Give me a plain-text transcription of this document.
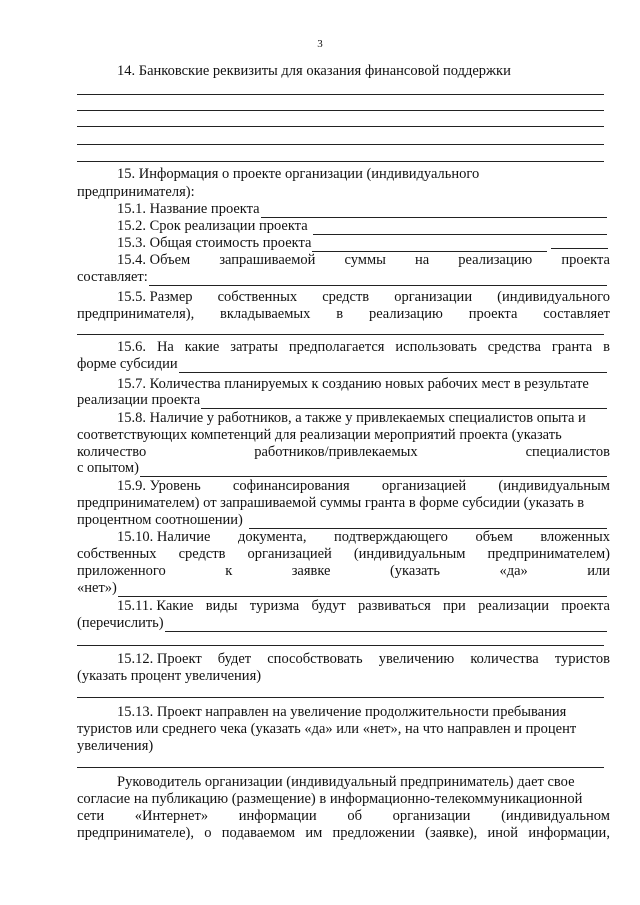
3
14. Банковские реквизиты для оказания финансовой поддержки
15. Информация о проекте организации (индивидуального
предпринимателя):
15.1. Название проекта
15.2. Срок реализации проекта
15.3. Общая стоимость проекта
15.4. Объем запрашиваемой суммы на реализацию проекта
составляет:
15.5. Размер собственных средств организации (индивидуального
предпринимателя), вкладываемых в реализацию проекта составляет
15.6. На какие затраты предполагается использовать средства гранта в
форме субсидии
15.7. Количества планируемых к созданию новых рабочих мест в результате
реализации проекта
15.8. Наличие у работников, а также у привлекаемых специалистов опыта и
соответствующих компетенций для реализации мероприятий проекта (указать
количество	работников/привлекаемых	специалистов
с опытом)
15.9. Уровень софинансирования организацией (индивидуальным
предпринимателем) от запрашиваемой суммы гранта в форме субсидии (указать в
процентном соотношении)
15.10. Наличие документа, подтверждающего объем вложенных
собственных средств организацией (индивидуальным предпринимателем)
приложенного	к	заявке	(указать	«да»	или
«нет»)
15.11. Какие виды туризма будут развиваться при реализации проекта
(перечислить)
15.12. Проект будет способствовать увеличению количества туристов
(указать процент увеличения)
15.13. Проект направлен на увеличение продолжительности пребывания
туристов или среднего чека (указать «да» или «нет», на что направлен и процент
увеличения)
Руководитель организации (индивидуальный предприниматель) дает свое
согласие на публикацию (размещение) в информационно-телекоммуникационной
сети «Интернет» информации об организации (индивидуальном
предпринимателе), о подаваемом им предложении (заявке), иной информации,
